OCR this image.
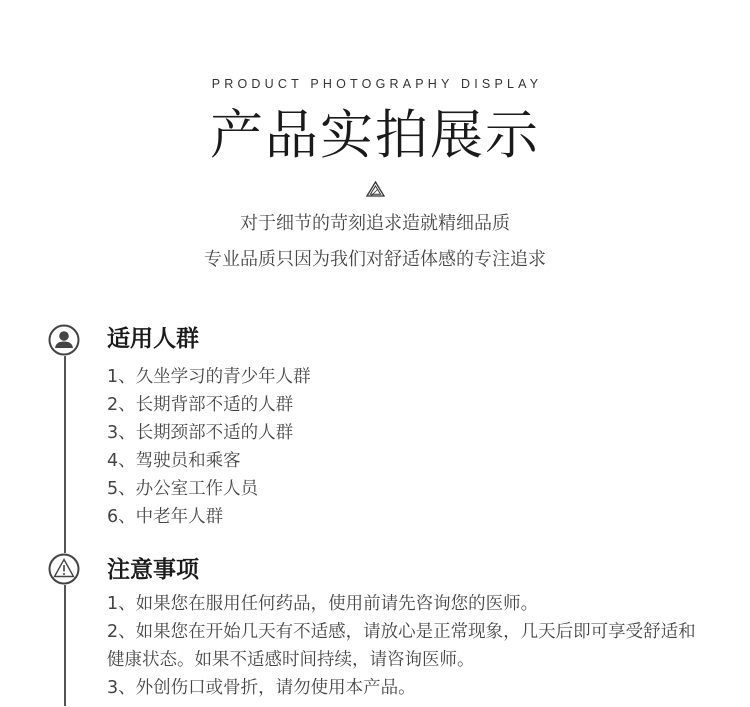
PRODUCT PHOTOGRAPHY DISPLAY
产品实拍展示
对于细节的苛刻追求造就精细品质
专业品质只因为我们对舒适体感的专注追求
适用人群
1、久坐学习的青少年人群
2、长期背部不适的人群
3、长期颈部不适的人群
4、驾驶员和乘客
5、办公室工作人员
6、中老年人群
注意事项
1、如果您在服用任何药品，使用前请先咨询您的医师。
2、如果您在开始几天有不适感，请放心是正常现象，几天后即可享受舒适和健康状态。如果不适感时间持续，请咨询医师。
3、外创伤口或骨折，请勿使用本产品。
